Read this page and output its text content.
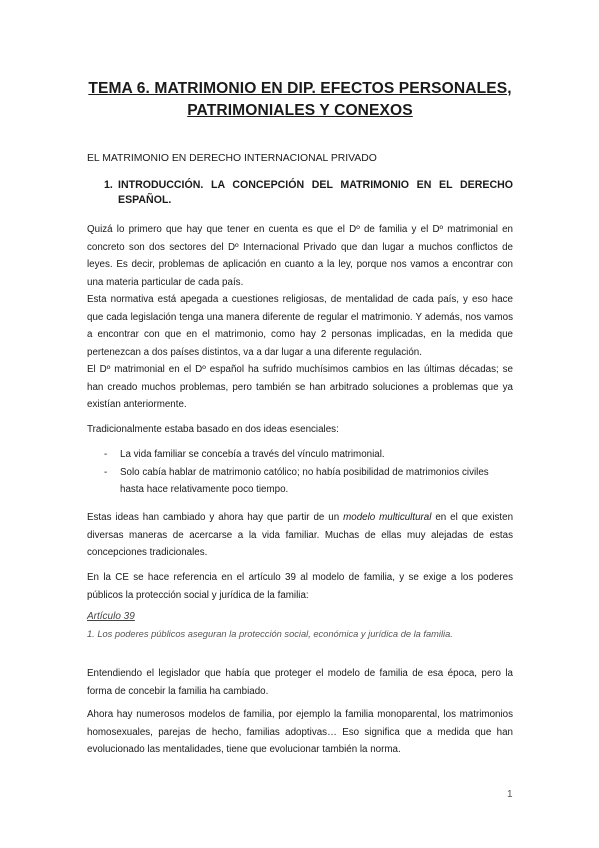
TEMA 6. MATRIMONIO EN DIP. EFECTOS PERSONALES,
PATRIMONIALES Y CONEXOS
EL MATRIMONIO EN DERECHO INTERNACIONAL PRIVADO
1. INTRODUCCIÓN. LA CONCEPCIÓN DEL MATRIMONIO EN EL DERECHO ESPAÑOL.
Quizá lo primero que hay que tener en cuenta es que el Dº de familia y el Dº matrimonial en concreto son dos sectores del Dº Internacional Privado que dan lugar a muchos conflictos de leyes. Es decir, problemas de aplicación en cuanto a la ley, porque nos vamos a encontrar con una materia particular de cada país.
Esta normativa está apegada a cuestiones religiosas, de mentalidad de cada país, y eso hace que cada legislación tenga una manera diferente de regular el matrimonio. Y además, nos vamos a encontrar con que en el matrimonio, como hay 2 personas implicadas, en la medida que pertenezcan a dos países distintos, va a dar lugar a una diferente regulación.
El Dº matrimonial en el Dº español ha sufrido muchísimos cambios en las últimas décadas; se han creado muchos problemas, pero también se han arbitrado soluciones a problemas que ya existían anteriormente.
Tradicionalmente estaba basado en dos ideas esenciales:
- La vida familiar se concebía a través del vínculo matrimonial.
- Solo cabía hablar de matrimonio católico; no había posibilidad de matrimonios civiles hasta hace relativamente poco tiempo.
Estas ideas han cambiado y ahora hay que partir de un modelo multicultural en el que existen diversas maneras de acercarse a la vida familiar. Muchas de ellas muy alejadas de estas concepciones tradicionales.
En la CE se hace referencia en el artículo 39 al modelo de familia, y se exige a los poderes públicos la protección social y jurídica de la familia:
Artículo 39
1. Los poderes públicos aseguran la protección social, económica y jurídica de la familia.
Entendiendo el legislador que había que proteger el modelo de familia de esa época, pero la forma de concebir la familia ha cambiado.
Ahora hay numerosos modelos de familia, por ejemplo la familia monoparental, los matrimonios homosexuales, parejas de hecho, familias adoptivas… Eso significa que a medida que han evolucionado las mentalidades, tiene que evolucionar también la norma.
1
